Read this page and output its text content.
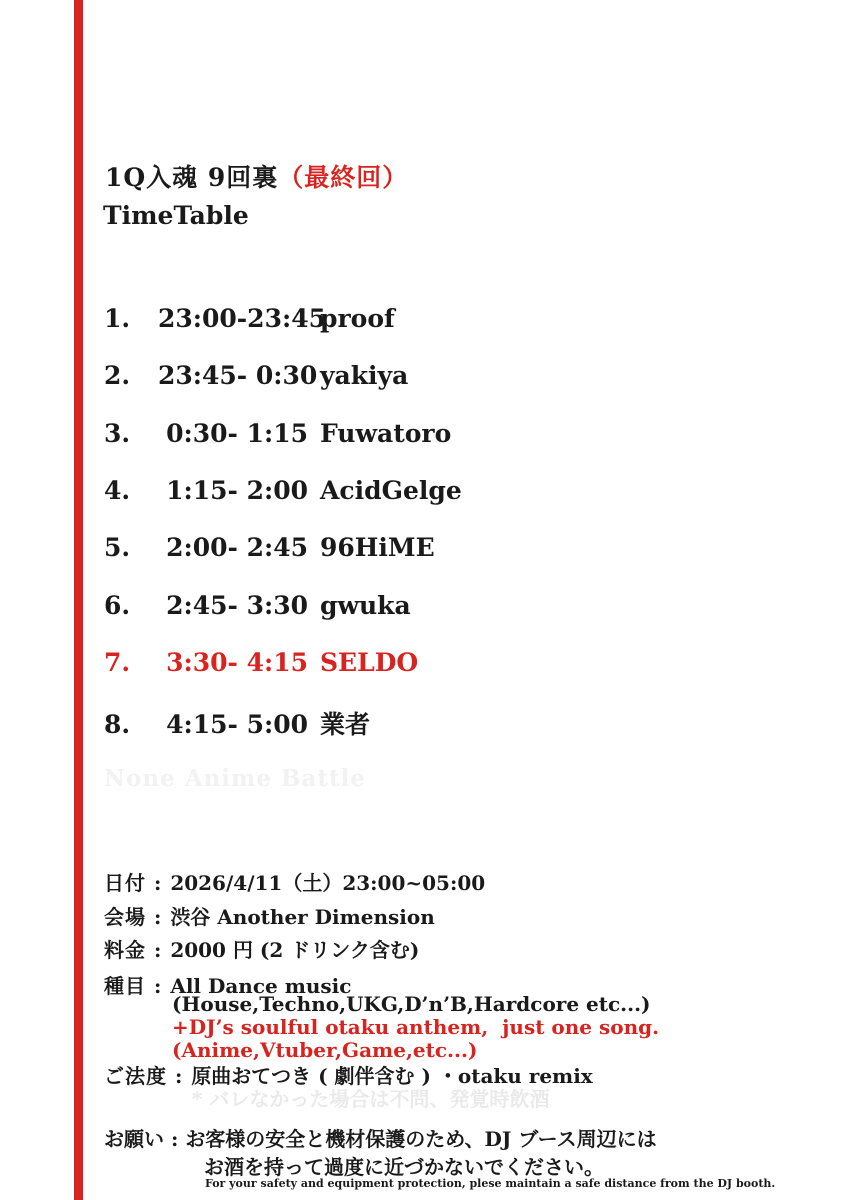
1Q入魂 9回裏（最終回）
TimeTable
1. 23:00-23:45proof
2. 23:45- 0:30 yakiya
3. 0:30- 1:15 Fuwatoro
4. 1:15- 2:00 AcidGelge
5. 2:00- 2:45 96HiME
6. 2:45- 3:30 gwuka
7. 3:30- 4:15 SELDO
8. 4:15- 5:00 業者
None Anime Battle
日付 : 2026/4/11（土）23:00~05:00
会場 : 渋谷 Another Dimension
料金 : 2000 円 (2 ドリンク含む)
種目 : All Dance music
(House,Techno,UKG,D’n’B,Hardcore etc...)
+DJ’s soulful otaku anthem, just one song.
(Anime,Vtuber,Game,etc...)
ご法度 : 原曲おてつき ( 劇伴含む ) ・otaku remix
* バレなかった場合は不問、発覚時飲酒
お願い : お客様の安全と機材保護のため、DJ ブース周辺には
お酒を持って過度に近づかないでください。
For your safety and equipment protection, plese maintain a safe distance from the DJ booth.
